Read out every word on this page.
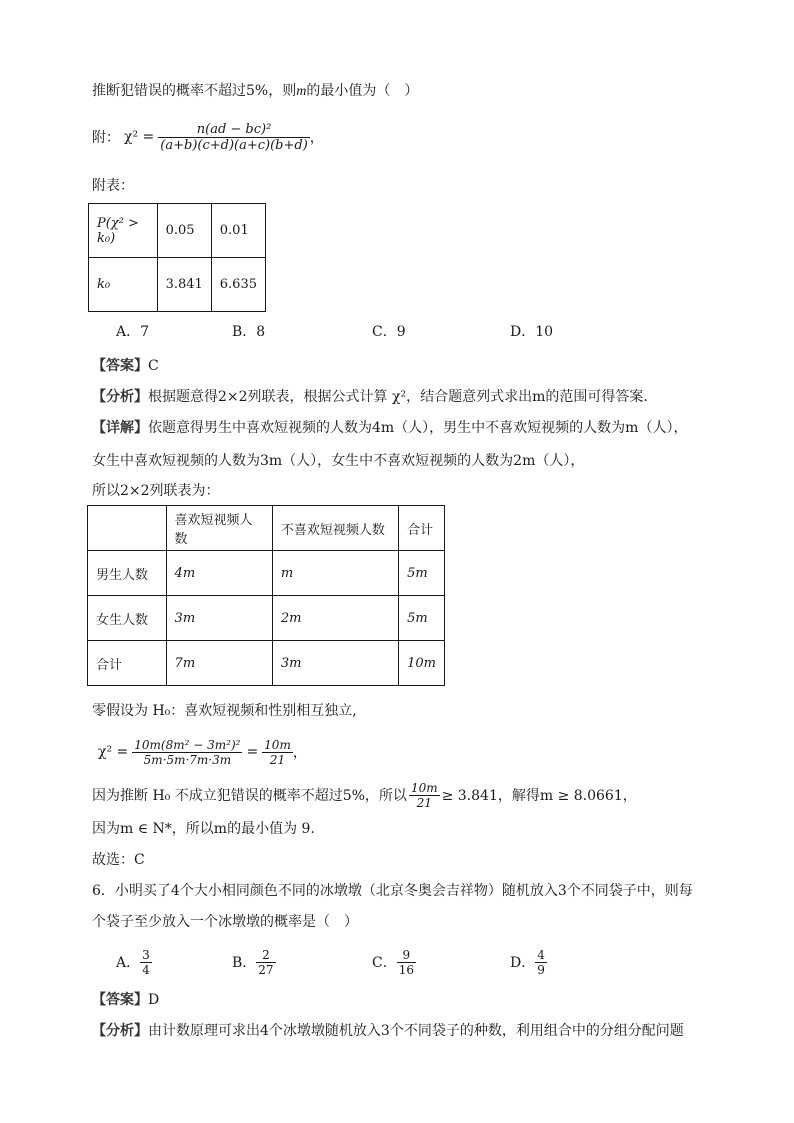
推断犯错误的概率不超过5%，则m的最小值为（　）
附： $\chi^2 = \frac{\text{n(ad − bc)²}}{(a+b)(c+d)(a+c)(b+d)}$ ，
附表：
P(χ² > k₀)	0.05	0.01
k₀	3.841	6.635
A．7	B．8	C．9	D．10
【答案】C
【分析】根据题意得2×2列联表，根据公式计算 χ²，结合题意列式求出m的范围可得答案.
【详解】依题意得男生中喜欢短视频的人数为4m（人），男生中不喜欢短视频的人数为m（人），
女生中喜欢短视频的人数为3m（人），女生中不喜欢短视频的人数为2m（人），
所以2×2列联表为：
	喜欢短视频人数	不喜欢短视频人数	合计
男生人数	4m	m	5m
女生人数	3m	2m	5m
合计	7m	3m	10m
零假设为 H₀：喜欢短视频和性别相互独立,
$\chi^2 = \frac{\text{10m(8m² − 3m²)²}}{5m\cdot 5m\cdot 7m\cdot 3m} = \frac{10m}{21}$ ，
因为推断 H₀ 不成立犯错误的概率不超过5%，所以 $\frac{10m}{21} \ge 3.841$，解得m ≥ 8.0661，
因为m ∈ N*，所以m的最小值为 9.
故选：C
6．小明买了4个大小相同颜色不同的冰墩墩（北京冬奥会吉祥物）随机放入3个不同袋子中，则每
个袋子至少放入一个冰墩墩的概率是（　）
A． $\frac{3}{4}$	B． $\frac{2}{27}$	C． $\frac{9}{16}$	D． $\frac{4}{9}$
【答案】D
【分析】由计数原理可求出4个冰墩墩随机放入3个不同袋子的种数，利用组合中的分组分配问题
